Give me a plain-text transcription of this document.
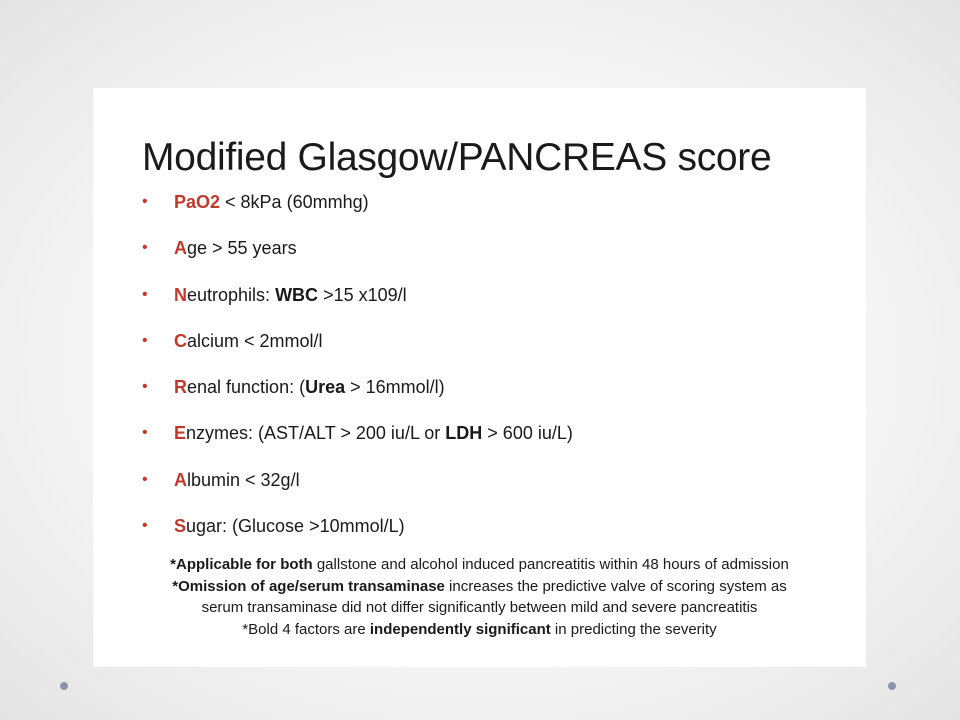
Modified Glasgow/PANCREAS score
•	PaO2 < 8kPa (60mmhg)
•	Age > 55 years
•	Neutrophils: WBC >15 x109/l
•	Calcium < 2mmol/l
•	Renal function: (Urea > 16mmol/l)
•	Enzymes: (AST/ALT > 200 iu/L or LDH > 600 iu/L)
•	Albumin < 32g/l
•	Sugar: (Glucose >10mmol/L)

*Applicable for both gallstone and alcohol induced pancreatitis within 48 hours of admission

*Omission of age/serum transaminase increases the predictive valve of scoring system as

serum transaminase did not differ significantly between mild and severe pancreatitis

*Bold 4 factors are independently significant in predicting the severity
